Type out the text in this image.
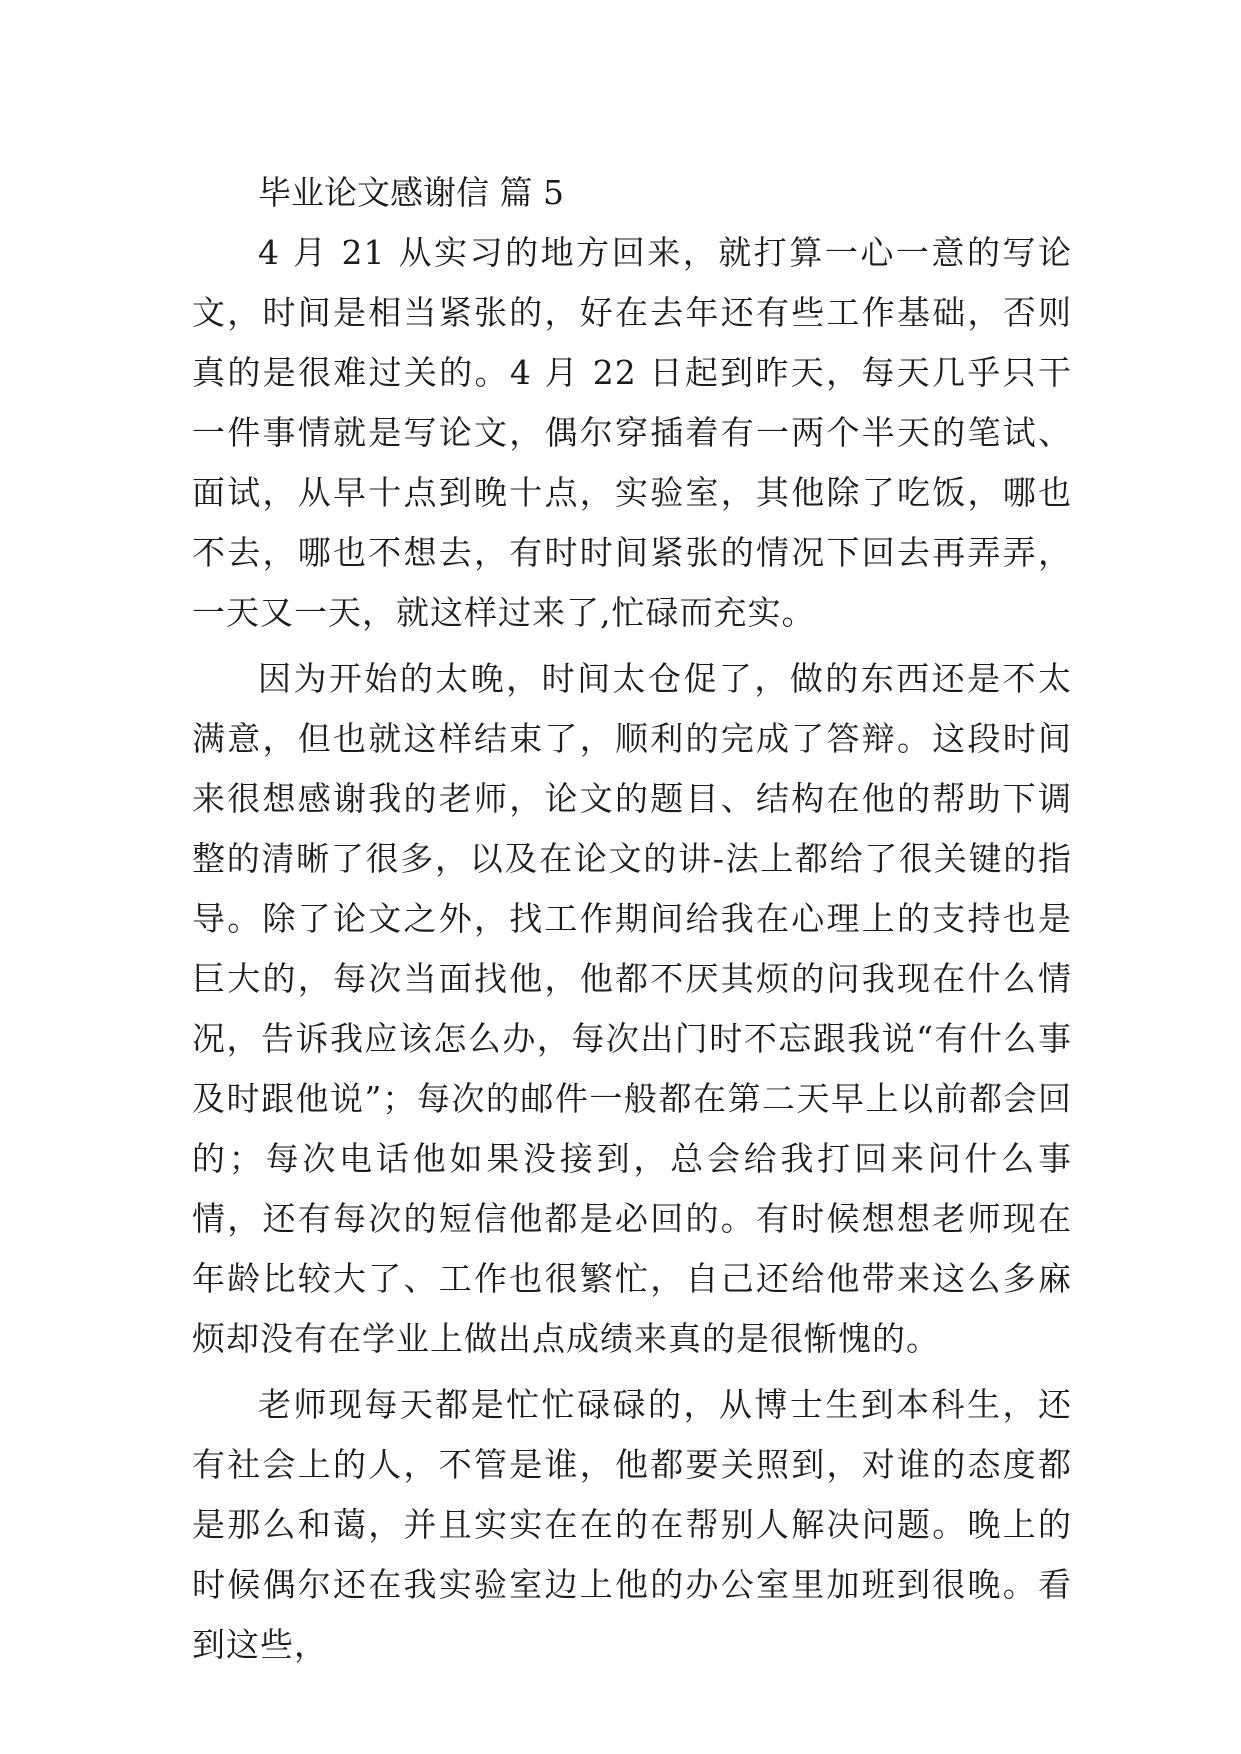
毕业论文感谢信 篇 5

4 月 21 从实习的地方回来，就打算一心一意的写论文，时间是相当紧张的，好在去年还有些工作基础，否则真的是很难过关的。4 月 22 日起到昨天，每天几乎只干一件事情就是写论文，偶尔穿插着有一两个半天的笔试、面试，从早十点到晚十点，实验室，其他除了吃饭，哪也不去，哪也不想去，有时时间紧张的情况下回去再弄弄，一天又一天，就这样过来了,忙碌而充实。

因为开始的太晚，时间太仓促了，做的东西还是不太满意，但也就这样结束了，顺利的完成了答辩。这段时间来很想感谢我的老师，论文的题目、结构在他的帮助下调整的清晰了很多，以及在论文的讲-法上都给了很关键的指导。除了论文之外，找工作期间给我在心理上的支持也是巨大的，每次当面找他，他都不厌其烦的问我现在什么情况，告诉我应该怎么办，每次出门时不忘跟我说“有什么事及时跟他说”；每次的邮件一般都在第二天早上以前都会回的；每次电话他如果没接到，总会给我打回来问什么事情，还有每次的短信他都是必回的。有时候想想老师现在年龄比较大了、工作也很繁忙，自己还给他带来这么多麻烦却没有在学业上做出点成绩来真的是很惭愧的。

老师现每天都是忙忙碌碌的，从博士生到本科生，还有社会上的人，不管是谁，他都要关照到，对谁的态度都是那么和蔼，并且实实在在的在帮别人解决问题。晚上的时候偶尔还在我实验室边上他的办公室里加班到很晚。看到这些，
